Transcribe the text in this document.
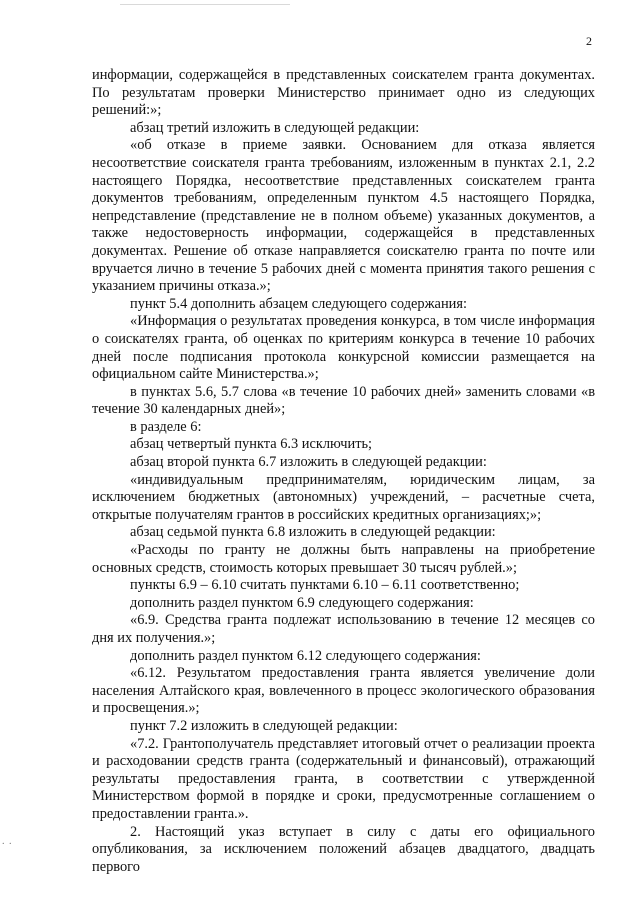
2

информации, содержащейся в представленных соискателем гранта документах. По результатам проверки Министерство принимает одно из следующих решений:»;

абзац третий изложить в следующей редакции:

«об отказе в приеме заявки. Основанием для отказа является несоответствие соискателя гранта требованиям, изложенным в пунктах 2.1, 2.2 настоящего Порядка, несоответствие представленных соискателем гранта документов требованиям, определенным пунктом 4.5 настоящего Порядка, непредставление (представление не в полном объеме) указанных документов, а также недостоверность информации, содержащейся в представленных документах. Решение об отказе направляется соискателю гранта по почте или вручается лично в течение 5 рабочих дней с момента принятия такого решения с указанием причины отказа.»;

пункт 5.4 дополнить абзацем следующего содержания:

«Информация о результатах проведения конкурса, в том числе информация о соискателях гранта, об оценках по критериям конкурса в течение 10 рабочих дней после подписания протокола конкурсной комиссии размещается на официальном сайте Министерства.»;

в пунктах 5.6, 5.7 слова «в течение 10 рабочих дней» заменить словами «в течение 30 календарных дней»;

в разделе 6:

абзац четвертый пункта 6.3 исключить;

абзац второй пункта 6.7 изложить в следующей редакции:

«индивидуальным предпринимателям, юридическим лицам, за исключением бюджетных (автономных) учреждений, – расчетные счета, открытые получателям грантов в российских кредитных организациях;»;

абзац седьмой пункта 6.8 изложить в следующей редакции:

«Расходы по гранту не должны быть направлены на приобретение основных средств, стоимость которых превышает 30 тысяч рублей.»;

пункты 6.9 – 6.10 считать пунктами 6.10 – 6.11 соответственно;

дополнить раздел пунктом 6.9 следующего содержания:

«6.9. Средства гранта подлежат использованию в течение 12 месяцев со дня их получения.»;

дополнить раздел пунктом 6.12 следующего содержания:

«6.12. Результатом предоставления гранта является увеличение доли населения Алтайского края, вовлеченного в процесс экологического образования и просвещения.»;

пункт 7.2 изложить в следующей редакции:

«7.2. Грантополучатель представляет итоговый отчет о реализации проекта и расходовании средств гранта (содержательный и финансовый), отражающий результаты предоставления гранта, в соответствии с утвержденной Министерством формой в порядке и сроки, предусмотренные соглашением о предоставлении гранта.».

2. Настоящий указ вступает в силу с даты его официального опубликования, за исключением положений абзацев двадцатого, двадцать первого

. .
